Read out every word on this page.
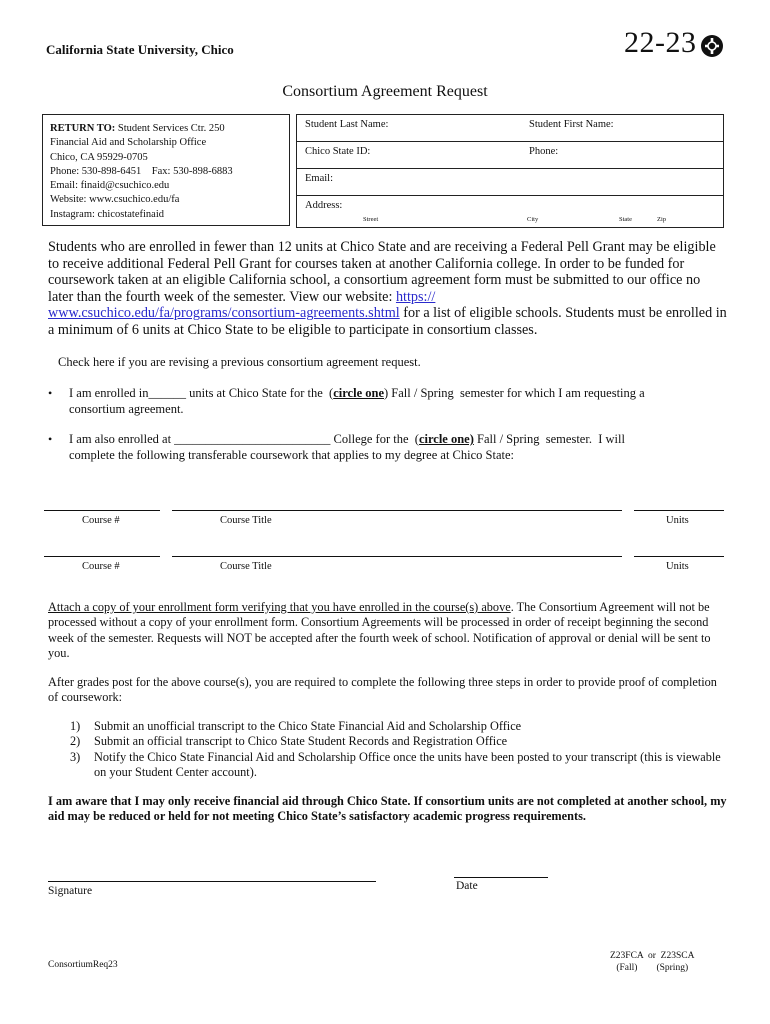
California State University, Chico	22-23
Consortium Agreement Request
RETURN TO: Student Services Ctr. 250
Financial Aid and Scholarship Office
Chico, CA 95929-0705
Phone: 530-898-6451    Fax: 530-898-6883
Email: finaid@csuchico.edu
Website: www.csuchico.edu/fa
Instagram: chicostatefinaid
Student Last Name:	Student First Name:
Chico State ID:	Phone:
Email:
Address:
Street	City	State	Zip
Students who are enrolled in fewer than 12 units at Chico State and are receiving a Federal Pell Grant may be eligible to receive additional Federal Pell Grant for courses taken at another California college. In order to be funded for coursework taken at an eligible California school, a consortium agreement form must be submitted to our office no later than the fourth week of the semester. View our website: https://
www.csuchico.edu/fa/programs/consortium-agreements.shtml for a list of eligible schools. Students must be enrolled in a minimum of 6 units at Chico State to be eligible to participate in consortium classes.
Check here if you are revising a previous consortium agreement request.
• I am enrolled in______ units at Chico State for the  (circle one) Fall / Spring  semester for which I am requesting a
consortium agreement.
• I am also enrolled at _________________________ College for the  (circle one) Fall / Spring  semester.  I will
complete the following transferable coursework that applies to my degree at Chico State:
Course #	Course Title	Units
Course #	Course Title	Units
Attach a copy of your enrollment form verifying that you have enrolled in the course(s) above. The Consortium Agreement will not be processed without a copy of your enrollment form. Consortium Agreements will be processed in order of receipt beginning the second week of the semester. Requests will NOT be accepted after the fourth week of school. Notification of approval or denial will be sent to you.
After grades post for the above course(s), you are required to complete the following three steps in order to provide proof of completion of coursework:
1)	Submit an unofficial transcript to the Chico State Financial Aid and Scholarship Office
2)	Submit an official transcript to Chico State Student Records and Registration Office
3)	Notify the Chico State Financial Aid and Scholarship Office once the units have been posted to your transcript (this is viewable on your Student Center account).
I am aware that I may only receive financial aid through Chico State. If consortium units are not completed at another school, my aid may be reduced or held for not meeting Chico State’s satisfactory academic progress requirements.
Signature	Date
ConsortiumReq23
Z23FCA  or  Z23SCA
(Fall)        (Spring)
